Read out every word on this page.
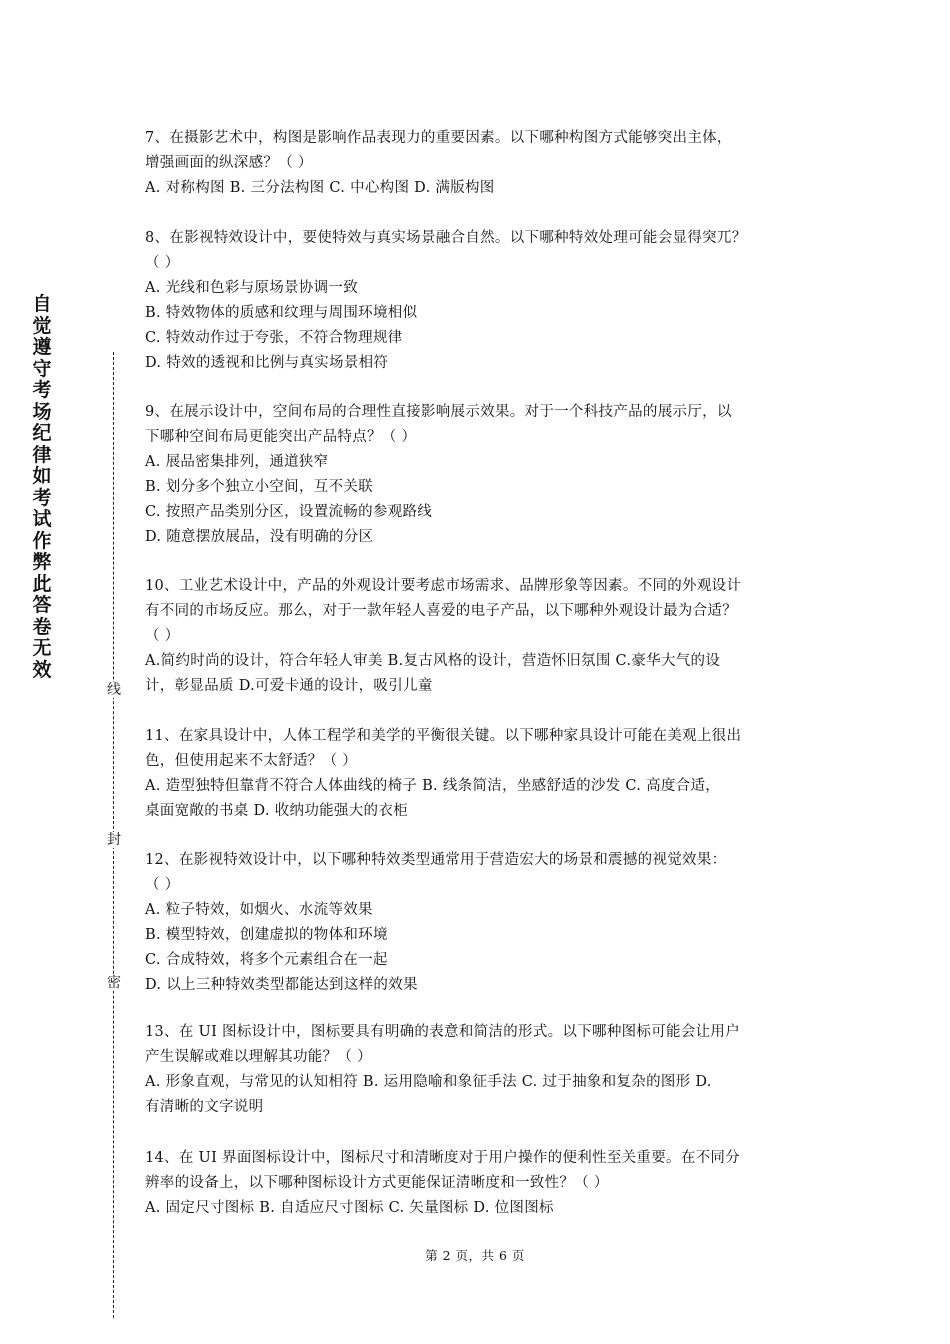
自觉遵守考场纪律如考试作弊此答卷无效
线
封
密
7、在摄影艺术中，构图是影响作品表现力的重要因素。以下哪种构图方式能够突出主体，
增强画面的纵深感？（ ）
A. 对称构图 B. 三分法构图 C. 中心构图 D. 满版构图
8、在影视特效设计中，要使特效与真实场景融合自然。以下哪种特效处理可能会显得突兀？
（ ）
A. 光线和色彩与原场景协调一致
B. 特效物体的质感和纹理与周围环境相似
C. 特效动作过于夸张，不符合物理规律
D. 特效的透视和比例与真实场景相符
9、在展示设计中，空间布局的合理性直接影响展示效果。对于一个科技产品的展示厅，以
下哪种空间布局更能突出产品特点？（ ）
A. 展品密集排列，通道狭窄
B. 划分多个独立小空间，互不关联
C. 按照产品类别分区，设置流畅的参观路线
D. 随意摆放展品，没有明确的分区
10、工业艺术设计中，产品的外观设计要考虑市场需求、品牌形象等因素。不同的外观设计
有不同的市场反应。那么，对于一款年轻人喜爱的电子产品，以下哪种外观设计最为合适？
（ ）
A.简约时尚的设计，符合年轻人审美 B.复古风格的设计，营造怀旧氛围 C.豪华大气的设
计，彰显品质 D.可爱卡通的设计，吸引儿童
11、在家具设计中，人体工程学和美学的平衡很关键。以下哪种家具设计可能在美观上很出
色，但使用起来不太舒适？（ ）
A. 造型独特但靠背不符合人体曲线的椅子 B. 线条简洁，坐感舒适的沙发 C. 高度合适，
桌面宽敞的书桌 D. 收纳功能强大的衣柜
12、在影视特效设计中，以下哪种特效类型通常用于营造宏大的场景和震撼的视觉效果：
（ ）
A. 粒子特效，如烟火、水流等效果
B. 模型特效，创建虚拟的物体和环境
C. 合成特效，将多个元素组合在一起
D. 以上三种特效类型都能达到这样的效果
13、在 UI 图标设计中，图标要具有明确的表意和简洁的形式。以下哪种图标可能会让用户
产生误解或难以理解其功能？（ ）
A. 形象直观，与常见的认知相符 B. 运用隐喻和象征手法 C. 过于抽象和复杂的图形 D.
有清晰的文字说明
14、在 UI 界面图标设计中，图标尺寸和清晰度对于用户操作的便利性至关重要。在不同分
辨率的设备上，以下哪种图标设计方式更能保证清晰度和一致性？（ ）
A. 固定尺寸图标 B. 自适应尺寸图标 C. 矢量图标 D. 位图图标
第 2 页，共 6 页
